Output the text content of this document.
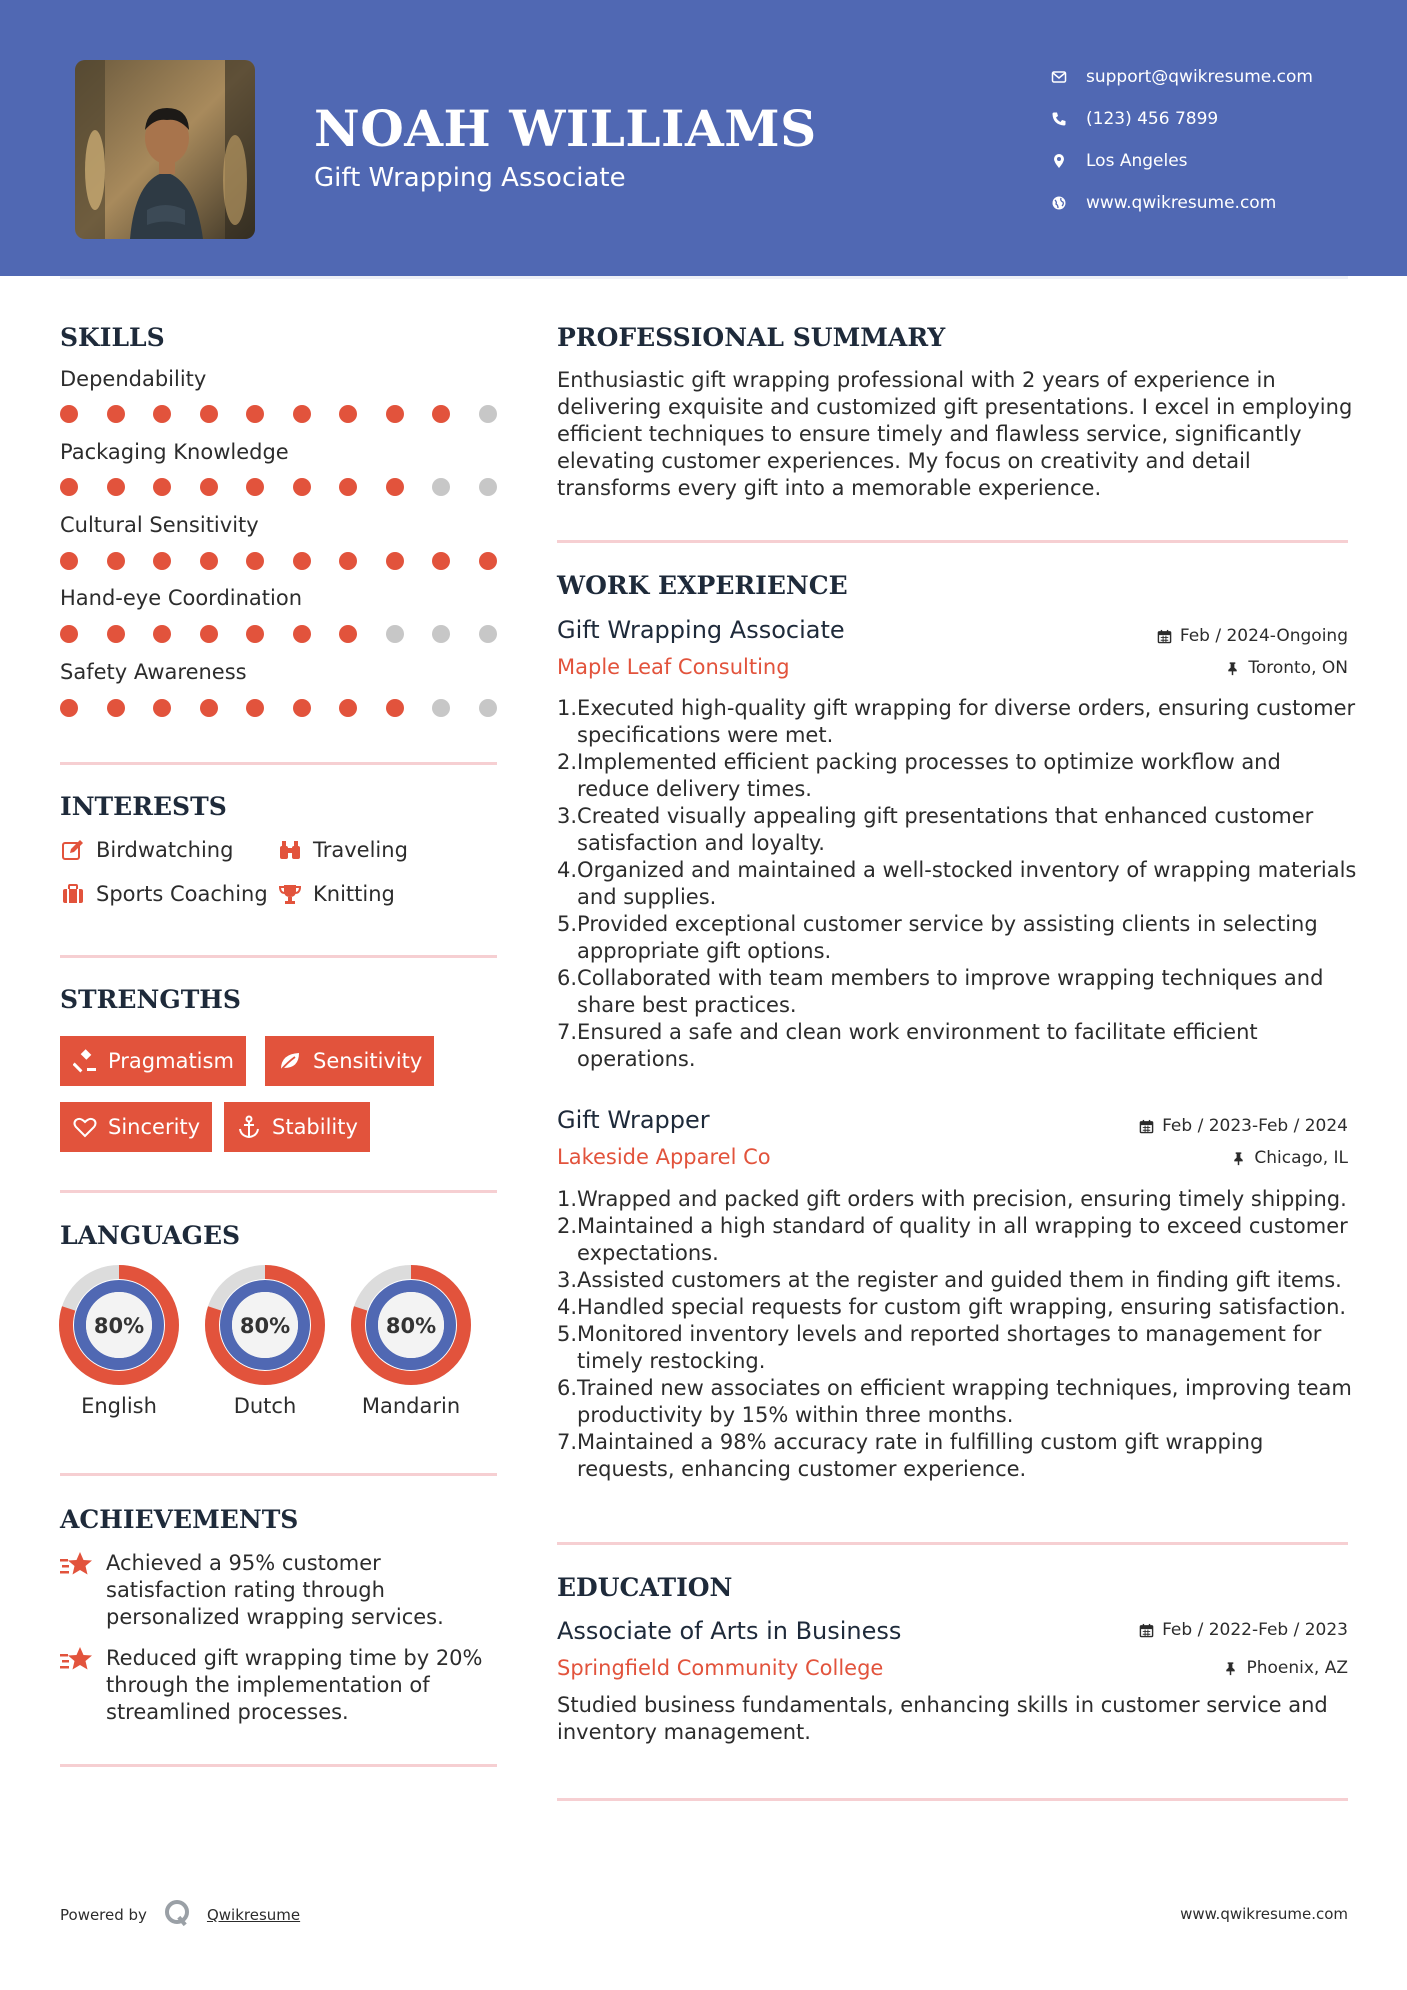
NOAH WILLIAMS
Gift Wrapping Associate
support@qwikresume.com
(123) 456 7899
Los Angeles
www.qwikresume.com
SKILLS
Dependability
Packaging Knowledge
Cultural Sensitivity
Hand-eye Coordination
Safety Awareness
INTERESTS
Birdwatching	Traveling
Sports Coaching Knitting
STRENGTHS
Pragmatism	Sensitivity
Sincerity	Stability
LANGUAGES
80%
English
80%
Dutch
80%
Mandarin
ACHIEVEMENTS
Achieved a 95% customer satisfaction rating through personalized wrapping services.
Reduced gift wrapping time by 20% through the implementation of streamlined processes.
PROFESSIONAL SUMMARY
Enthusiastic gift wrapping professional with 2 years of experience in delivering exquisite and customized gift presentations. I excel in employing efficient techniques to ensure timely and flawless service, significantly elevating customer experiences. My focus on creativity and detail transforms every gift into a memorable experience.
WORK EXPERIENCE
Gift Wrapping Associate	Feb / 2024-Ongoing
Maple Leaf Consulting	Toronto, ON
1. Executed high-quality gift wrapping for diverse orders, ensuring customer specifications were met.
2. Implemented efficient packing processes to optimize workflow and reduce delivery times.
3. Created visually appealing gift presentations that enhanced customer satisfaction and loyalty.
4. Organized and maintained a well-stocked inventory of wrapping materials and supplies.
5. Provided exceptional customer service by assisting clients in selecting appropriate gift options.
6. Collaborated with team members to improve wrapping techniques and share best practices.
7. Ensured a safe and clean work environment to facilitate efficient operations.
Gift Wrapper	Feb / 2023-Feb / 2024
Lakeside Apparel Co	Chicago, IL
1. Wrapped and packed gift orders with precision, ensuring timely shipping.
2. Maintained a high standard of quality in all wrapping to exceed customer expectations.
3. Assisted customers at the register and guided them in finding gift items.
4. Handled special requests for custom gift wrapping, ensuring satisfaction.
5. Monitored inventory levels and reported shortages to management for timely restocking.
6. Trained new associates on efficient wrapping techniques, improving team productivity by 15% within three months.
7. Maintained a 98% accuracy rate in fulfilling custom gift wrapping requests, enhancing customer experience.
EDUCATION
Associate of Arts in Business	Feb / 2022-Feb / 2023
Springfield Community College	Phoenix, AZ
Studied business fundamentals, enhancing skills in customer service and inventory management.
Powered by	Qwikresume	www.qwikresume.com
